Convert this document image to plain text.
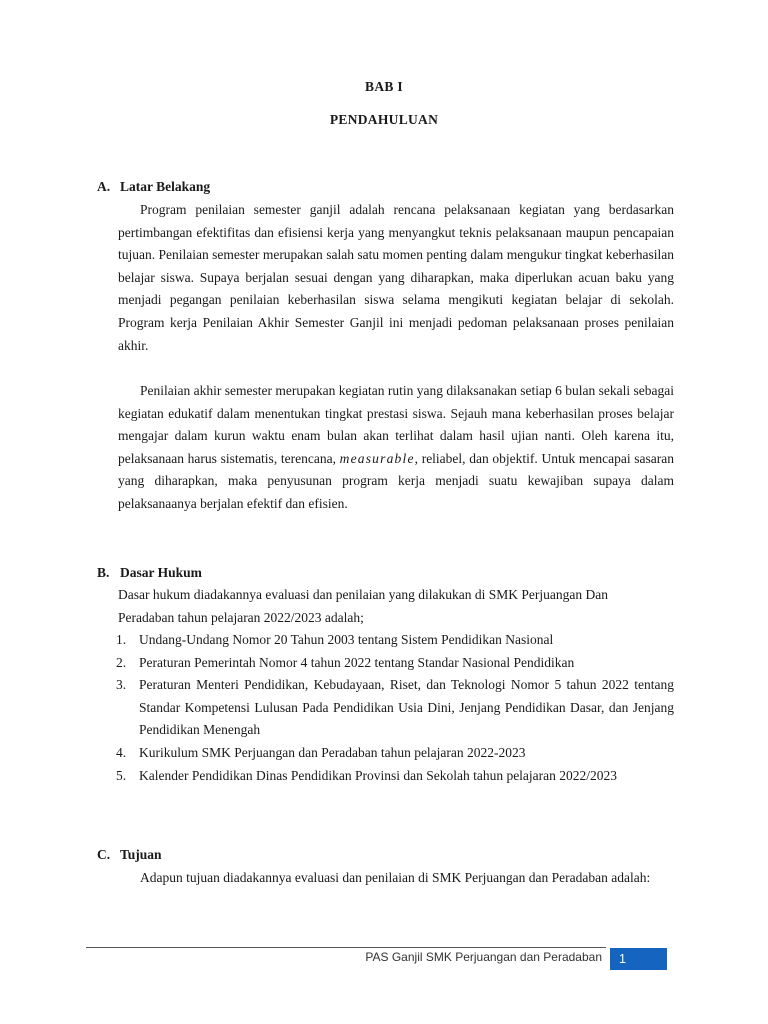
BAB I
PENDAHULUAN
A. Latar Belakang
Program penilaian semester ganjil adalah rencana pelaksanaan kegiatan yang berdasarkan pertimbangan efektifitas dan efisiensi kerja yang menyangkut teknis pelaksanaan maupun pencapaian tujuan. Penilaian semester merupakan salah satu momen penting dalam mengukur tingkat keberhasilan belajar siswa. Supaya berjalan sesuai dengan yang diharapkan, maka diperlukan acuan baku yang menjadi pegangan penilaian keberhasilan siswa selama mengikuti kegiatan belajar di sekolah. Program kerja Penilaian Akhir Semester Ganjil ini menjadi pedoman pelaksanaan proses penilaian akhir.
Penilaian akhir semester merupakan kegiatan rutin yang dilaksanakan setiap 6 bulan sekali sebagai kegiatan edukatif dalam menentukan tingkat prestasi siswa. Sejauh mana keberhasilan proses belajar mengajar dalam kurun waktu enam bulan akan terlihat dalam hasil ujian nanti. Oleh karena itu, pelaksanaan harus sistematis, terencana, measurable, reliabel, dan objektif. Untuk mencapai sasaran yang diharapkan, maka penyusunan program kerja menjadi suatu kewajiban supaya dalam pelaksanaanya berjalan efektif dan efisien.
B. Dasar Hukum
Dasar hukum diadakannya evaluasi dan penilaian yang dilakukan di SMK Perjuangan Dan Peradaban tahun pelajaran 2022/2023 adalah;
1. Undang-Undang Nomor 20 Tahun 2003 tentang Sistem Pendidikan Nasional
2. Peraturan Pemerintah Nomor 4 tahun 2022 tentang Standar Nasional Pendidikan
3. Peraturan Menteri Pendidikan, Kebudayaan, Riset, dan Teknologi Nomor 5 tahun 2022 tentang Standar Kompetensi Lulusan Pada Pendidikan Usia Dini, Jenjang Pendidikan Dasar, dan Jenjang Pendidikan Menengah
4. Kurikulum SMK Perjuangan dan Peradaban tahun pelajaran 2022-2023
5. Kalender Pendidikan Dinas Pendidikan Provinsi dan Sekolah tahun pelajaran 2022/2023
C. Tujuan
Adapun tujuan diadakannya evaluasi dan penilaian di SMK Perjuangan dan Peradaban adalah:
PAS Ganjil SMK Perjuangan dan Peradaban	1
